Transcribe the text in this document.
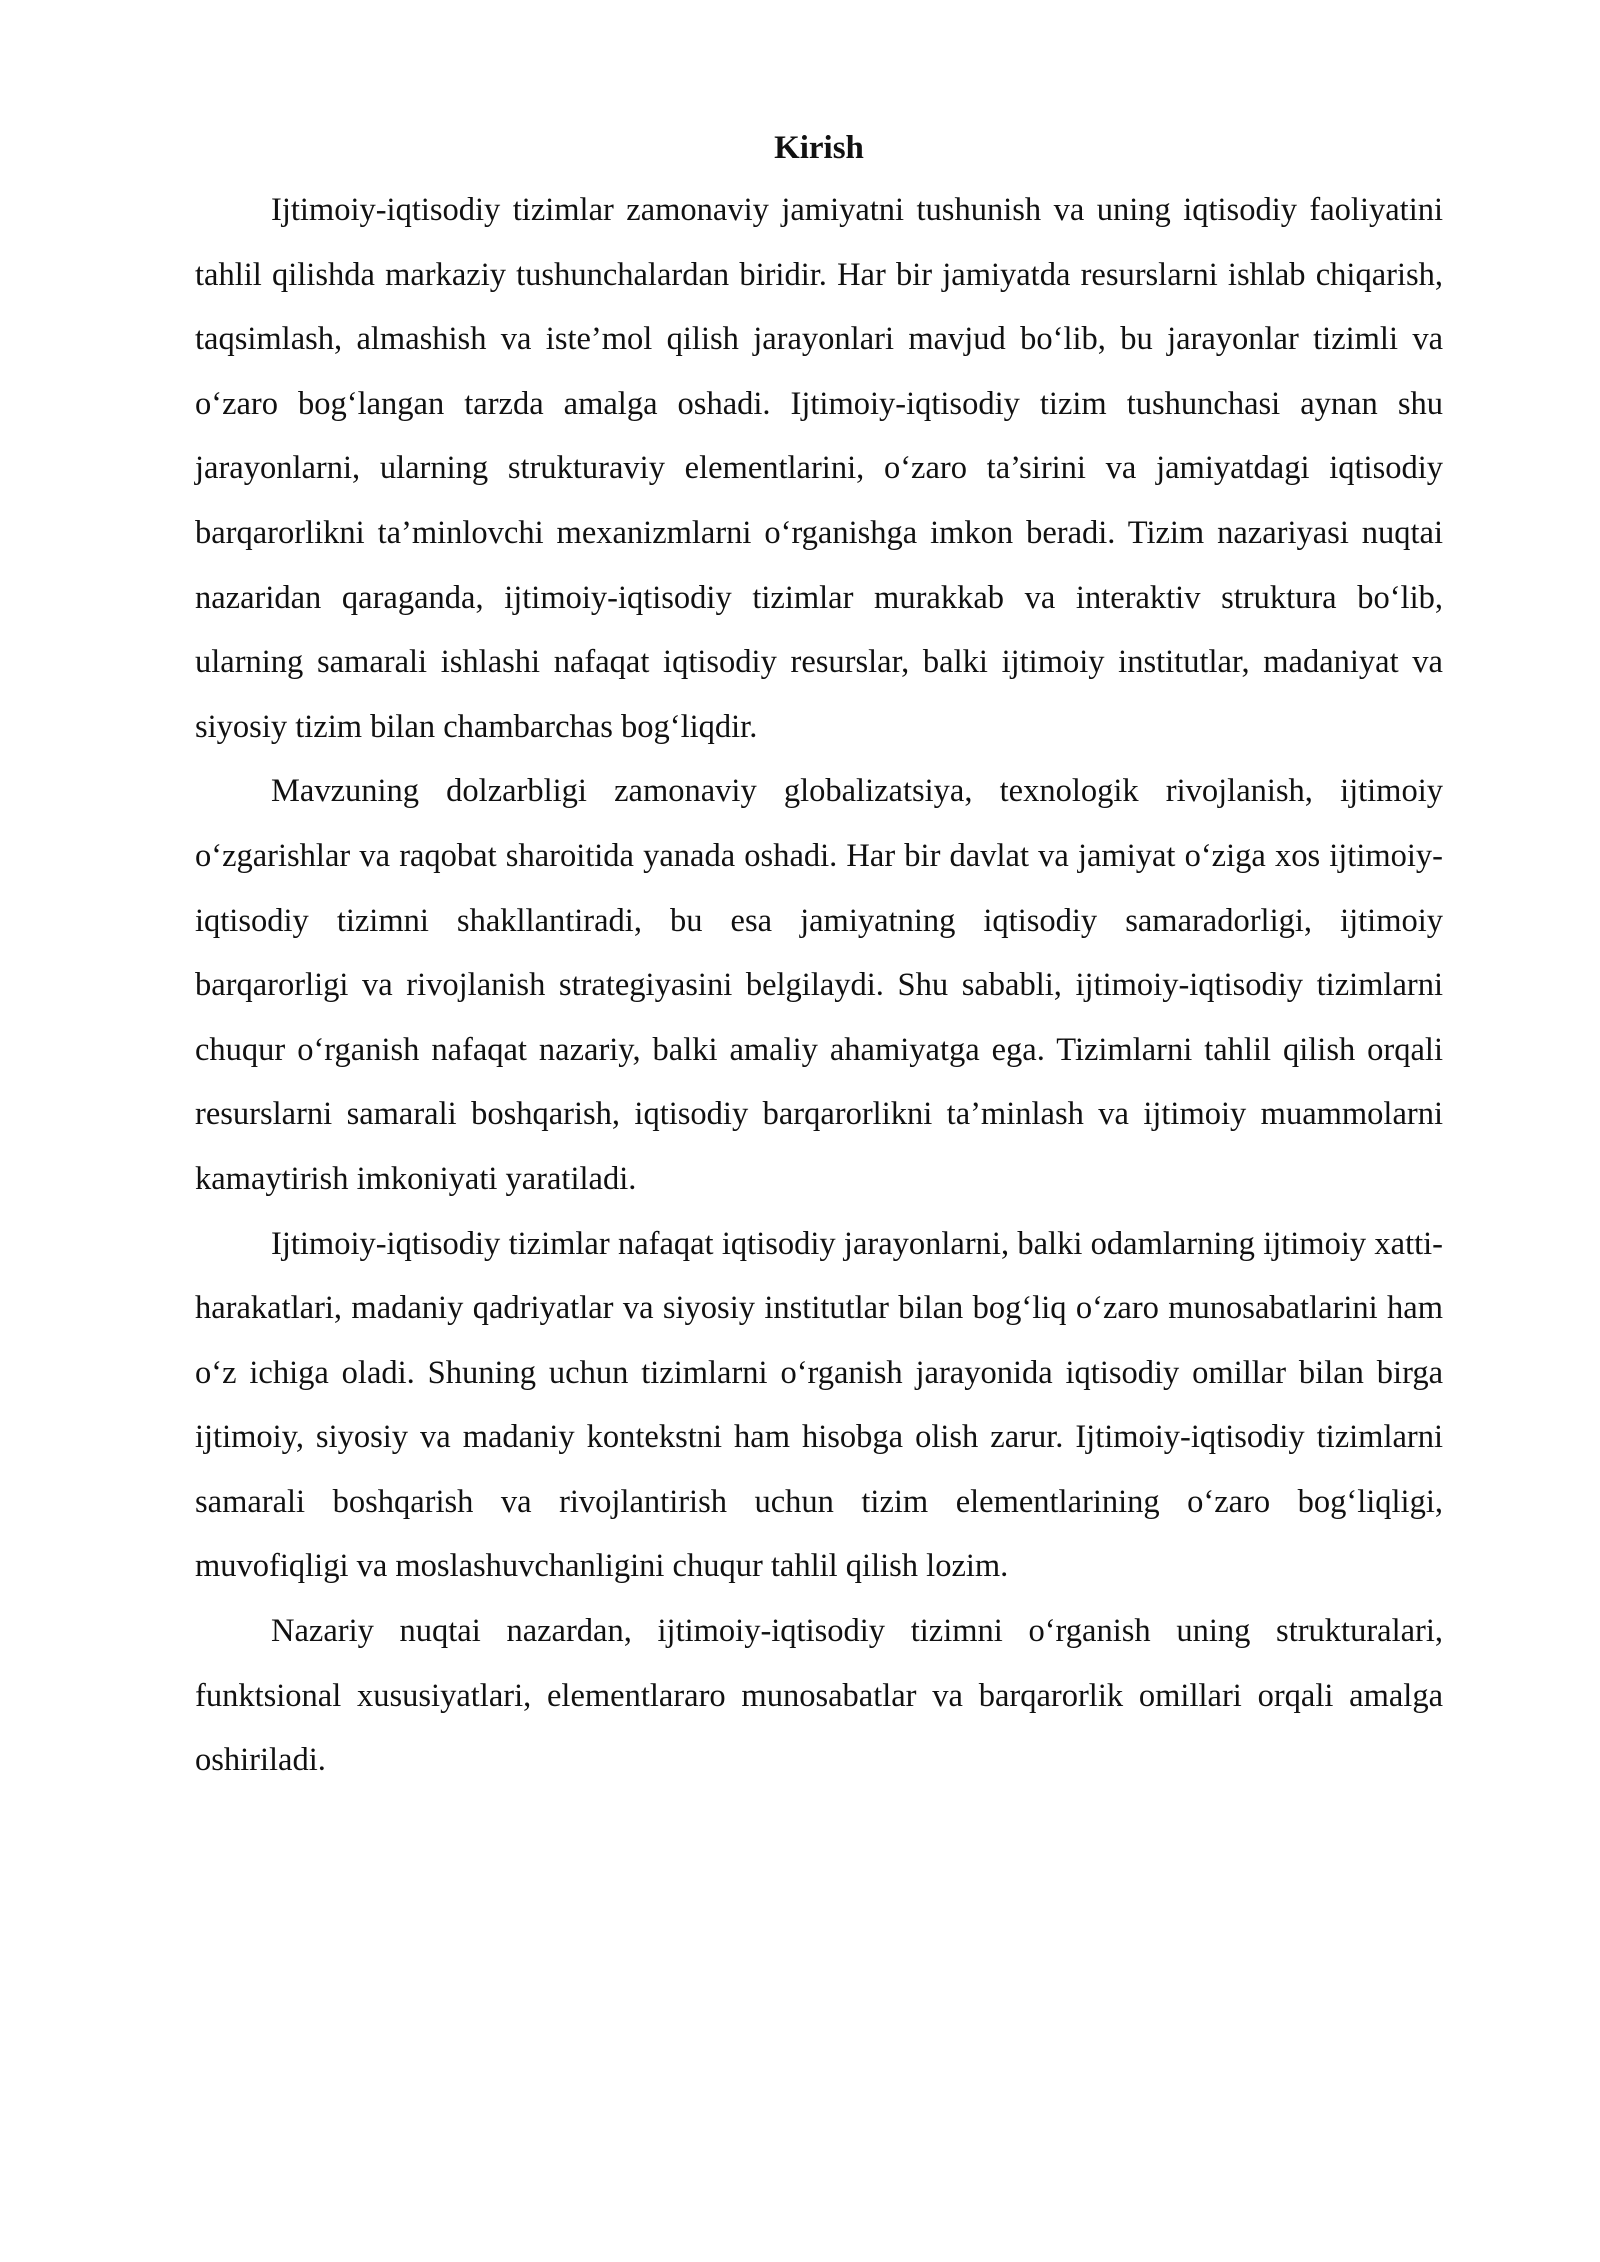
Kirish

Ijtimoiy-iqtisodiy tizimlar zamonaviy jamiyatni tushunish va uning iqtisodiy faoliyatini tahlil qilishda markaziy tushunchalardan biridir. Har bir jamiyatda resurslarni ishlab chiqarish, taqsimlash, almashish va iste’mol qilish jarayonlari mavjud bo‘lib, bu jarayonlar tizimli va o‘zaro bog‘langan tarzda amalga oshadi. Ijtimoiy-iqtisodiy tizim tushunchasi aynan shu jarayonlarni, ularning strukturaviy elementlarini, o‘zaro ta’sirini va jamiyatdagi iqtisodiy barqarorlikni ta’minlovchi mexanizmlarni o‘rganishga imkon beradi. Tizim nazariyasi nuqtai nazaridan qaraganda, ijtimoiy-iqtisodiy tizimlar murakkab va interaktiv struktura bo‘lib, ularning samarali ishlashi nafaqat iqtisodiy resurslar, balki ijtimoiy institutlar, madaniyat va siyosiy tizim bilan chambarchas bog‘liqdir.

Mavzuning dolzarbligi zamonaviy globalizatsiya, texnologik rivojlanish, ijtimoiy o‘zgarishlar va raqobat sharoitida yanada oshadi. Har bir davlat va jamiyat o‘ziga xos ijtimoiy-iqtisodiy tizimni shakllantiradi, bu esa jamiyatning iqtisodiy samaradorligi, ijtimoiy barqarorligi va rivojlanish strategiyasini belgilaydi. Shu sababli, ijtimoiy-iqtisodiy tizimlarni chuqur o‘rganish nafaqat nazariy, balki amaliy ahamiyatga ega. Tizimlarni tahlil qilish orqali resurslarni samarali boshqarish, iqtisodiy barqarorlikni ta’minlash va ijtimoiy muammolarni kamaytirish imkoniyati yaratiladi.

Ijtimoiy-iqtisodiy tizimlar nafaqat iqtisodiy jarayonlarni, balki odamlarning ijtimoiy xatti-harakatlari, madaniy qadriyatlar va siyosiy institutlar bilan bog‘liq o‘zaro munosabatlarini ham o‘z ichiga oladi. Shuning uchun tizimlarni o‘rganish jarayonida iqtisodiy omillar bilan birga ijtimoiy, siyosiy va madaniy kontekstni ham hisobga olish zarur. Ijtimoiy-iqtisodiy tizimlarni samarali boshqarish va rivojlantirish uchun tizim elementlarining o‘zaro bog‘liqligi, muvofiqligi va moslashuvchanligini chuqur tahlil qilish lozim.

Nazariy nuqtai nazardan, ijtimoiy-iqtisodiy tizimni o‘rganish uning strukturalari, funktsional xususiyatlari, elementlararo munosabatlar va barqarorlik omillari orqali amalga oshiriladi.
